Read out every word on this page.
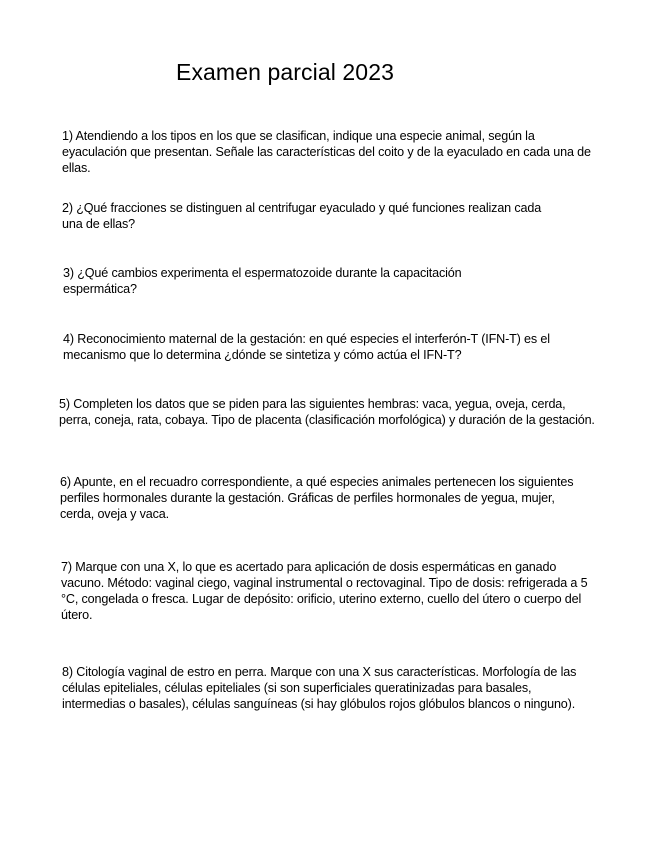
Examen parcial 2023

1) Atendiendo a los tipos en los que se clasifican, indique una especie animal, según la eyaculación que presentan. Señale las características del coito y de la eyaculado en cada una de ellas.

2) ¿Qué fracciones se distinguen al centrifugar eyaculado y qué funciones realizan cada una de ellas?

3) ¿Qué cambios experimenta el espermatozoide durante la capacitación espermática?

4) Reconocimiento maternal de la gestación: en qué especies el interferón-T (IFN-T) es el mecanismo que lo determina ¿dónde se sintetiza y cómo actúa el IFN-T?

5) Completen los datos que se piden para las siguientes hembras: vaca, yegua, oveja, cerda, perra, coneja, rata, cobaya. Tipo de placenta (clasificación morfológica) y duración de la gestación.

6) Apunte, en el recuadro correspondiente, a qué especies animales pertenecen los siguientes perfiles hormonales durante la gestación. Gráficas de perfiles hormonales de yegua, mujer, cerda, oveja y vaca.

7) Marque con una X, lo que es acertado para aplicación de dosis espermáticas en ganado vacuno. Método: vaginal ciego, vaginal instrumental o rectovaginal. Tipo de dosis: refrigerada a 5 °C, congelada o fresca. Lugar de depósito: orificio, uterino externo, cuello del útero o cuerpo del útero.

8) Citología vaginal de estro en perra. Marque con una X sus características. Morfología de las células epiteliales, células epiteliales (si son superficiales queratinizadas para basales, intermedias o basales), células sanguíneas (si hay glóbulos rojos glóbulos blancos o ninguno).
